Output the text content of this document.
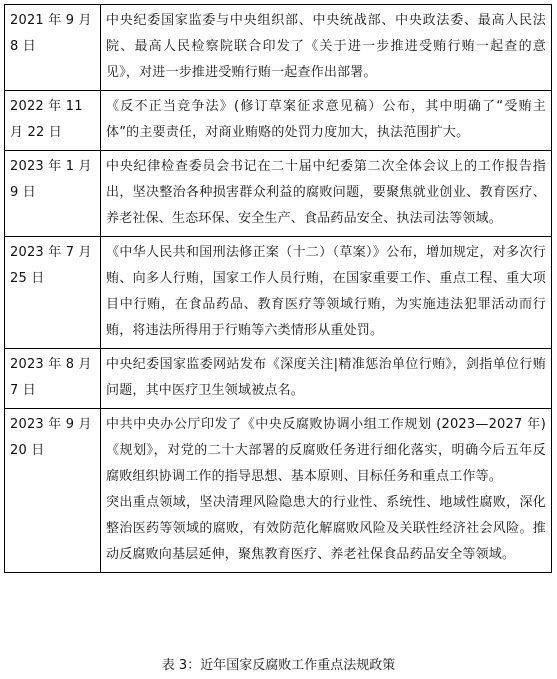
2021 年 9 月 8 日	中央纪委国家监委与中央组织部、中央统战部、中央政法委、最高人民法院、最高人民检察院联合印发了《关于进一步推进受贿行贿一起查的意见》，对进一步推进受贿行贿一起查作出部署。

2022 年 11 月 22 日	《反不正当竞争法》(修订草案征求意见稿）公布，其中明确了“受贿主体”的主要责任，对商业贿赂的处罚力度加大，执法范围扩大。

2023 年 1 月 9 日	中央纪律检查委员会书记在二十届中纪委第二次全体会议上的工作报告指出，坚决整治各种损害群众利益的腐败问题，要聚焦就业创业、教育医疗、养老社保、生态环保、安全生产、食品药品安全、执法司法等领域。

2023 年 7 月 25 日	《中华人民共和国刑法修正案（十二）（草案）》公布，增加规定，对多次行贿、向多人行贿，国家工作人员行贿，在国家重要工作、重点工程、重大项目中行贿，在食品药品、教育医疗等领域行贿，为实施违法犯罪活动而行贿，将违法所得用于行贿等六类情形从重处罚。

2023 年 8 月 7 日	中央纪委国家监委网站发布《深度关注|精准惩治单位行贿》，剑指单位行贿问题，其中医疗卫生领域被点名。

2023 年 9 月 20 日	中共中央办公厅印发了《中央反腐败协调小组工作规划 (2023—2027 年)《规划》，对党的二十大部署的反腐败任务进行细化落实，明确今后五年反腐败组织协调工作的指导思想、基本原则、目标任务和重点工作等。

突出重点领域，坚决清理风险隐患大的行业性、系统性、地域性腐败，深化整治医药等领域的腐败，有效防范化解腐败风险及关联性经济社会风险。推动反腐败向基层延伸，聚焦教育医疗、养老社保食品药品安全等领域。

表 3：近年国家反腐败工作重点法规政策
